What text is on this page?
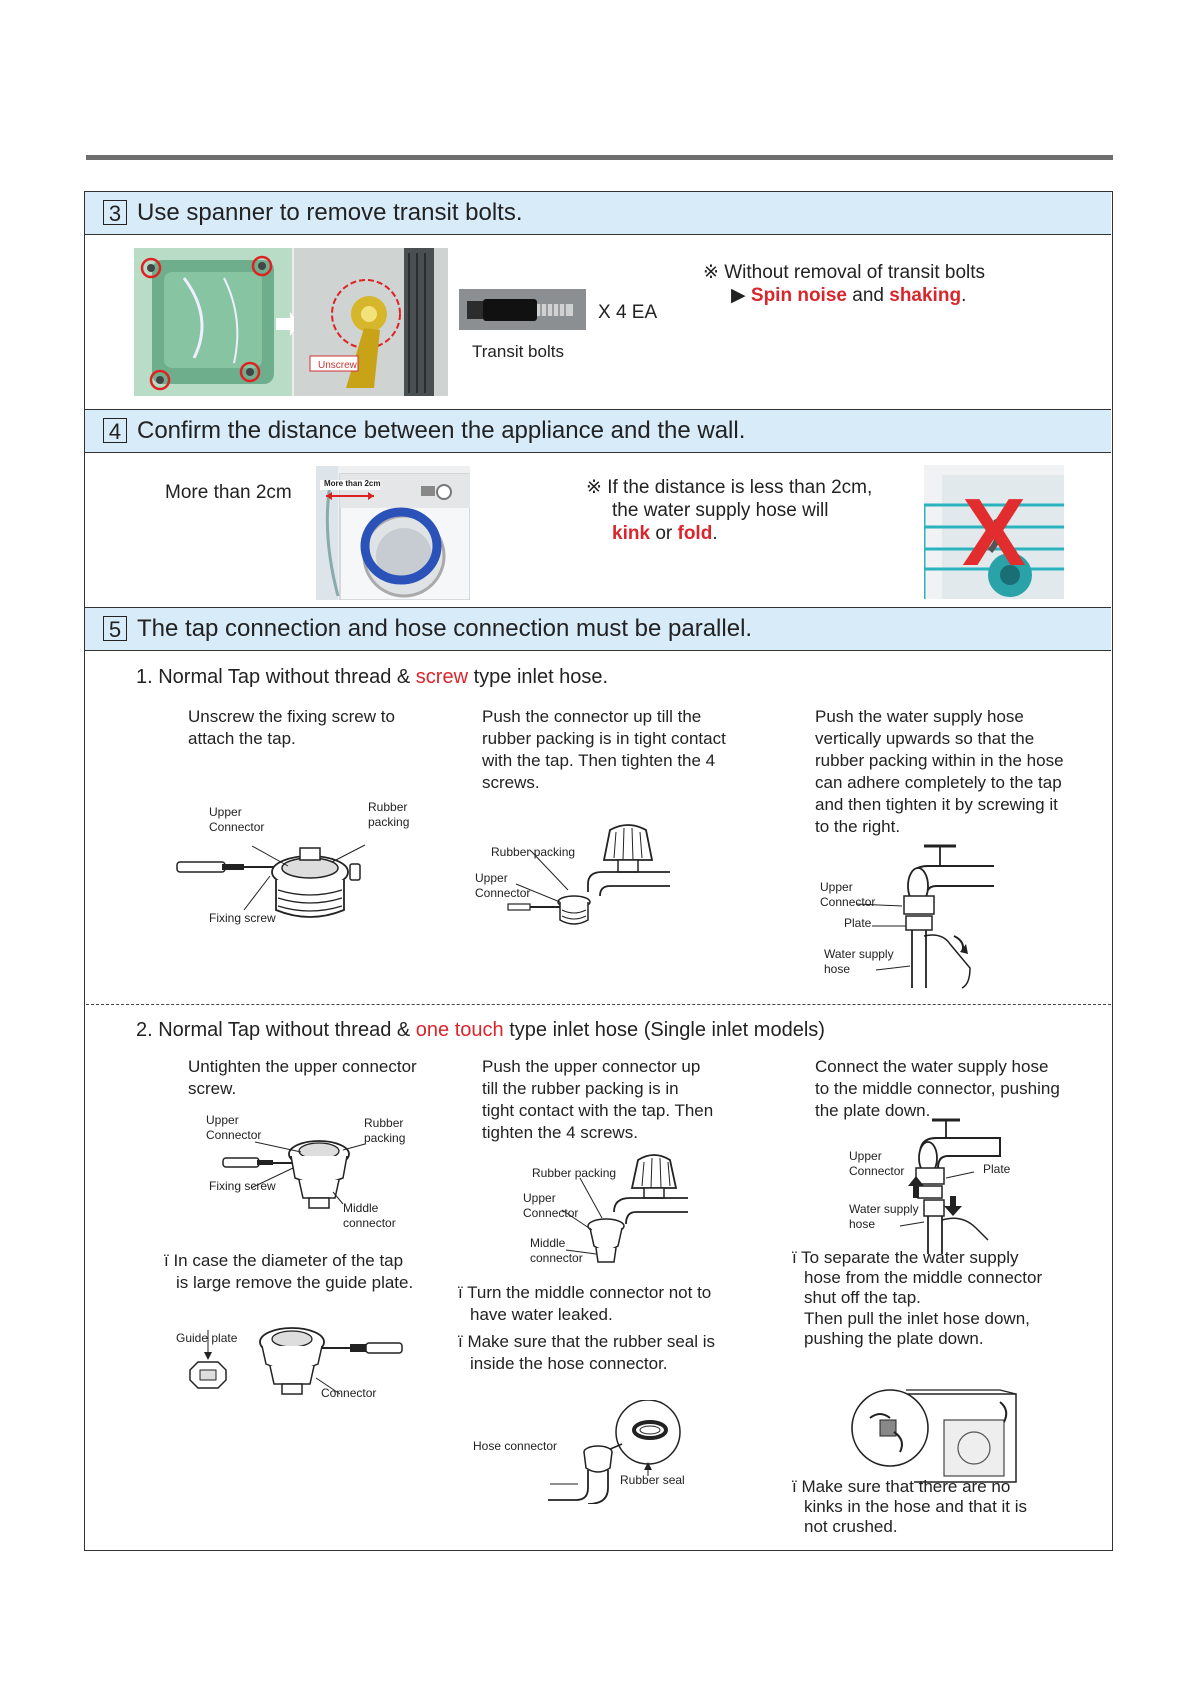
3 Use spanner to remove transit bolts.
Unscrew
X 4 EA
Transit bolts
※ Without removal of transit bolts
▶ Spin noise and shaking.
4 Confirm the distance between the appliance and the wall.
More than 2cm	More than 2cm	※ If the distance is less than 2cm,
the water supply hose will
kink or fold.	X
5 The tap connection and hose connection must be parallel.
1. Normal Tap without thread & screw type inlet hose.
Unscrew the fixing screw to
attach the tap.
Push the connector up till the
rubber packing is in tight contact
with the tap. Then tighten the 4
screws.
Push the water supply hose
vertically upwards so that the
rubber packing within in the hose
can adhere completely to the tap
and then tighten it by screwing it
to the right.
Upper
Connector
Rubber
packing
Fixing screw
Rubber packing
Upper
Connector	Upper
Connector
Plate
Water supply
hose
2. Normal Tap without thread & one touch type inlet hose (Single inlet models)
Untighten the upper connector
screw.
Push the upper connector up
till the rubber packing is in
tight contact with the tap. Then
tighten the 4 screws.
Connect the water supply hose
to the middle connector, pushing
the plate down.
Upper
Connector
Rubber
packing
Fixing screw
Middle
connector
Rubber packing
Upper
Connector
Middle
connector
Upper
Connector	Plate
Water supply
hose
ï In case the diameter of the tap
is large remove the guide plate.
Guide plate
Connector
ï Turn the middle connector not to
have water leaked.
ï Make sure that the rubber seal is
inside the hose connector.
Hose connector
Rubber seal
ï To separate the water supply
hose from the middle connector
shut off the tap.
Then pull the inlet hose down,
pushing the plate down.
ï Make sure that there are no
kinks in the hose and that it is
not crushed.
